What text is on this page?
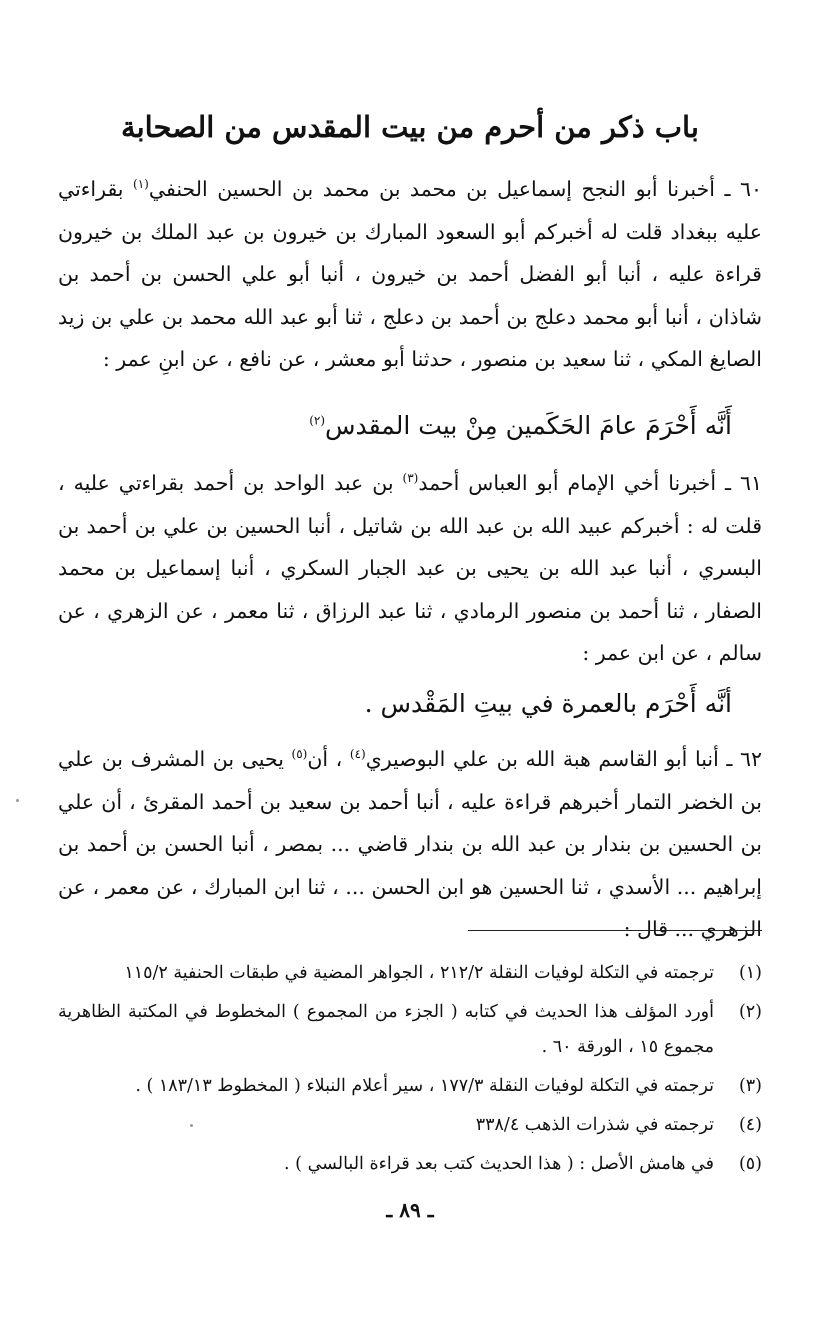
باب ذكر من أحرم من بيت المقدس من الصحابة

٦٠ ـ أخبرنا أبو النجح إسماعيل بن محمد بن محمد بن الحسين الحنفي$^{(١)}$ بقراءتي عليه ببغداد قلت له أخبركم أبو السعود المبارك بن خيرون بن عبد الملك بن خيرون قراءة عليه ، أنبا أبو الفضل أحمد بن خيرون ، أنبا أبو علي الحسن بن أحمد بن شاذان ، أنبا أبو محمد دعلج بن أحمد بن دعلج ، ثنا أبو عبد الله محمد بن علي بن زيد الصايغ المكي ، ثنا سعيد بن منصور ، حدثنا أبو معشر ، عن نافع ، عن ابنِ عمر :

أَنَّه أَحْرَمَ عامَ الحَكَمين مِنْ بيت المقدس$^{(٢)}$

٦١ ـ أخبرنا أخي الإمام أبو العباس أحمد$^{(٣)}$ بن عبد الواحد بن أحمد بقراءتي عليه ، قلت له : أخبركم عبيد الله بن عبد الله بن شاتيل ، أنبا الحسين بن علي بن أحمد بن البسري ، أنبا عبد الله بن يحيى بن عبد الجبار السكري ، أنبا إسماعيل بن محمد الصفار ، ثنا أحمد بن منصور الرمادي ، ثنا عبد الرزاق ، ثنا معمر ، عن الزهري ، عن سالم ، عن ابن عمر :

أنَّه أَحْرَم بالعمرة في بيتِ المَقْدس .

٦٢ ـ أنبا أبو القاسم هبة الله بن علي البوصيري$^{(٤)}$ ، أن$^{(٥)}$ يحيى بن المشرف بن علي بن الخضر التمار أخبرهم قراءة عليه ، أنبا أحمد بن سعيد بن أحمد المقرئ ، أن علي بن الحسين بن بندار بن عبد الله بن بندار قاضي ... بمصر ، أنبا الحسن بن أحمد بن إبراهيم ... الأسدي ، ثنا الحسين هو ابن الحسن ... ، ثنا ابن المبارك ، عن معمر ، عن الزهري ... قال :

(١)
ترجمته في التكلة لوفيات النقلة ٢١٢/٢ ، الجواهر المضية في طبقات الحنفية ١١٥/٢
(٢)
أورد المؤلف هذا الحديث في كتابه ( الجزء من المجموع ) المخطوط في المكتبة الظاهرية مجموع ١٥ ، الورقة ٦٠ .
(٣)
ترجمته في التكلة لوفيات النقلة ١٧٧/٣ ، سير أعلام النبلاء ( المخطوط ١٨٣/١٣ ) .
(٤)
ترجمته في شذرات الذهب ٣٣٨/٤
(٥)
في هامش الأصل : ( هذا الحديث كتب بعد قراءة البالسي ) .
ـ ٨٩ ـ
